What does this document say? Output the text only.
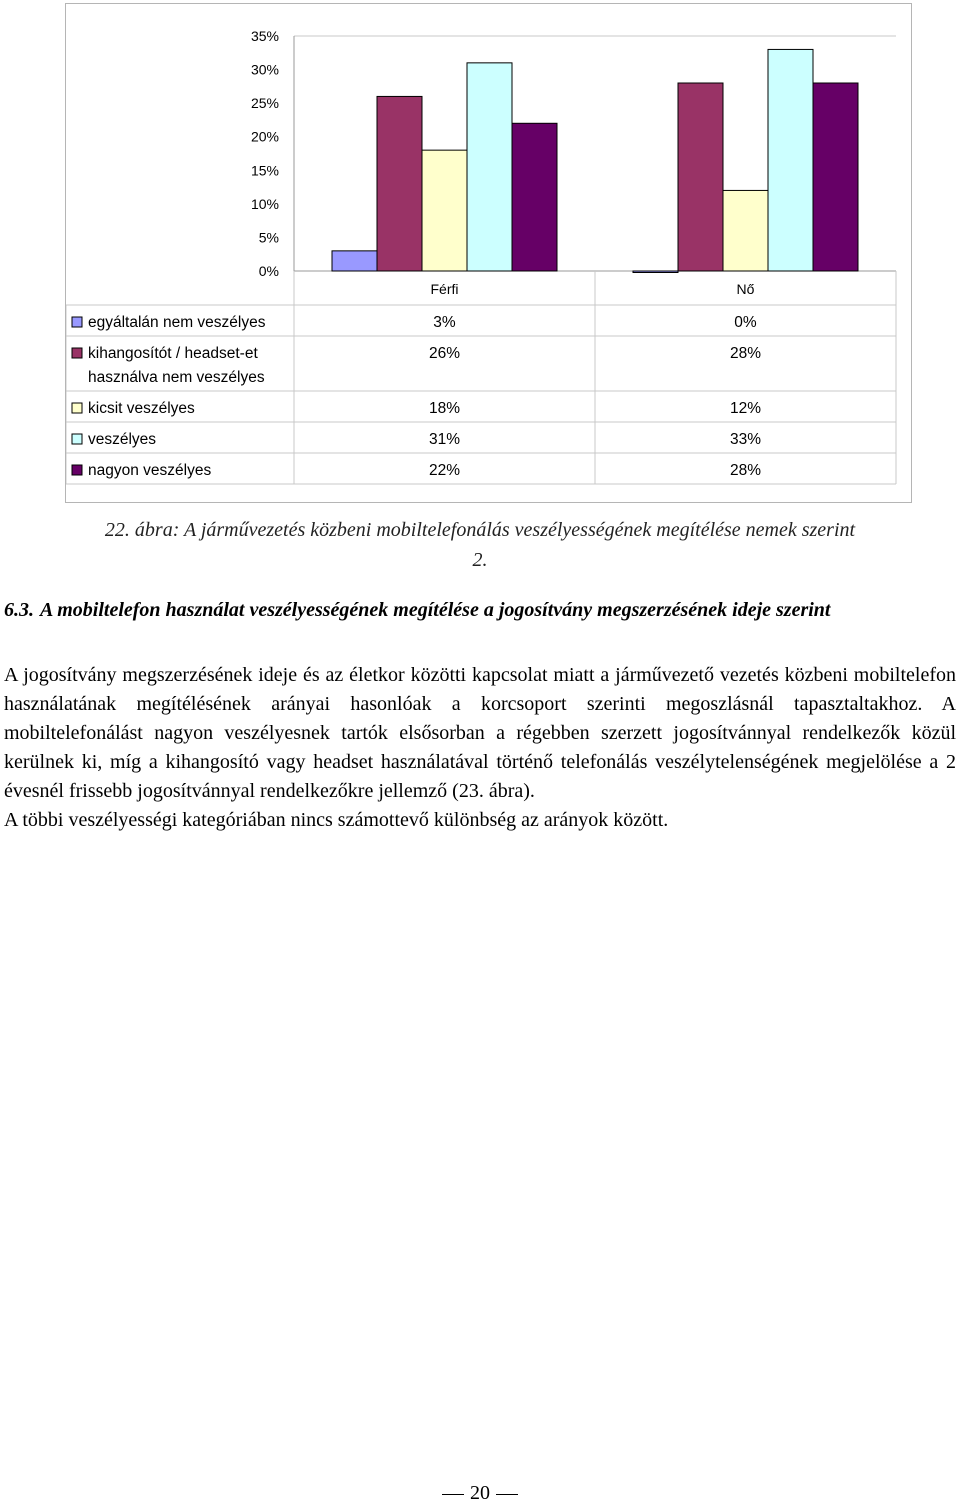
35%
30%
25%
20%
15%
10%
5%
0%
Férfi	Nő
egyáltalán nem veszélyes	3%	0%
kihangosítót / headset-et
használva nem veszélyes
26%	28%
kicsit veszélyes	18%	12%
veszélyes	31%	33%
nagyon veszélyes	22%	28%
22. ábra: A járművezetés közbeni mobiltelefonálás veszélyességének megítélése nemek szerint
2.
6.3. A mobiltelefon használat veszélyességének megítélése a jogosítvány megszerzésének ideje szerint

A jogosítvány megszerzésének ideje és az életkor közötti kapcsolat miatt a járművezető vezetés közbeni mobiltelefon használatának megítélésének arányai hasonlóak a korcsoport szerinti megoszlásnál tapasztaltakhoz. A mobiltelefonálást nagyon veszélyesnek tartók elsősorban a régebben szerzett jogosítvánnyal rendelkezők közül kerülnek ki, míg a kihangosító vagy headset használatával történő telefonálás veszélytelenségének megjelölése a 2 évesnél frissebb jogosítvánnyal rendelkezőkre jellemző (23. ábra).

A többi veszélyességi kategóriában nincs számottevő különbség az arányok között.

20
